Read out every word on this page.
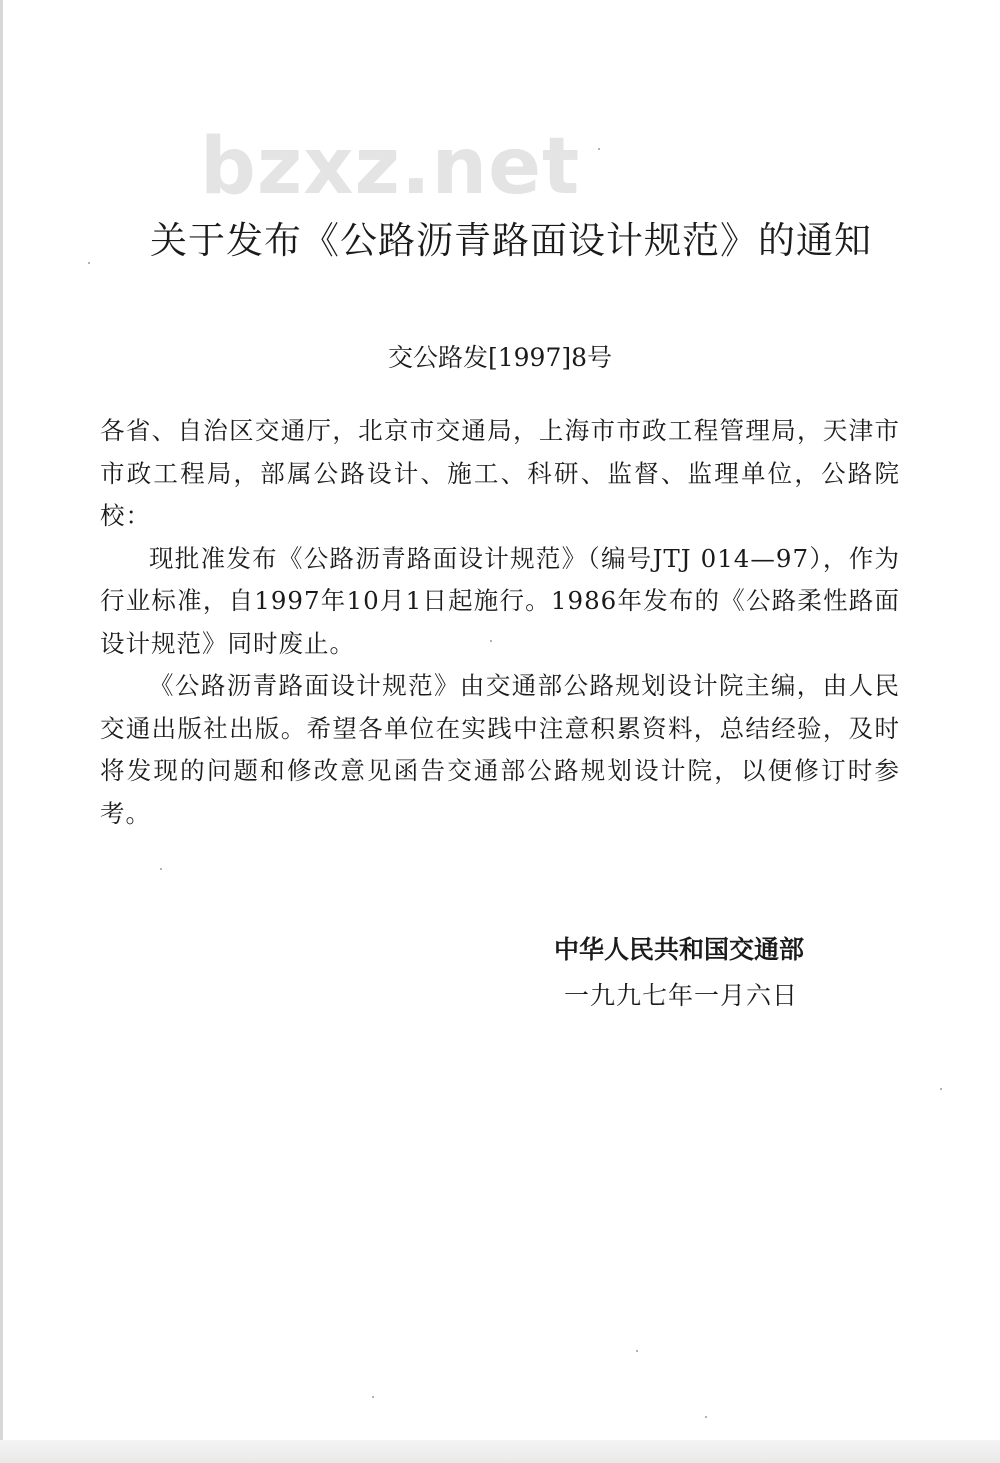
bzxz.net
关于发布《公路沥青路面设计规范》的通知
交公路发[1997]8号

各省、自治区交通厅，北京市交通局，上海市市政工程管理局，天津市市政工程局，部属公路设计、施工、科研、监督、监理单位，公路院校：

现批准发布《公路沥青路面设计规范》（编号JTJ 014—97），作为行业标准，自1997年10月1日起施行。1986年发布的《公路柔性路面设计规范》同时废止。

《公路沥青路面设计规范》由交通部公路规划设计院主编，由人民交通出版社出版。希望各单位在实践中注意积累资料，总结经验，及时将发现的问题和修改意见函告交通部公路规划设计院，以便修订时参考。

中华人民共和国交通部
一九九七年一月六日
